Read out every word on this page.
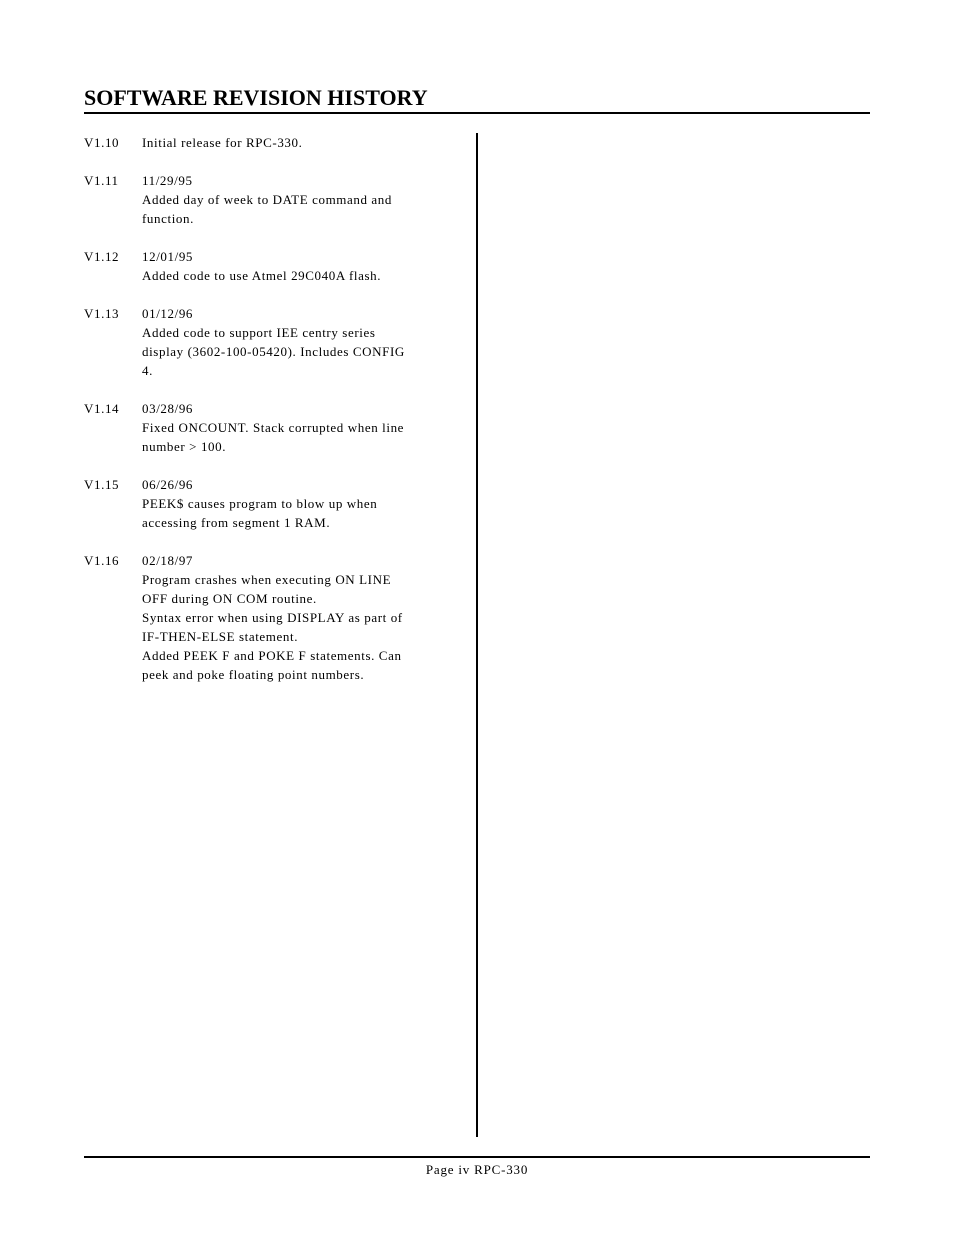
SOFTWARE REVISION HISTORY
V1.10	Initial release for RPC-330.
V1.11	11/29/95
Added day of week to DATE command and
function.
V1.12	12/01/95
Added code to use Atmel 29C040A flash.
V1.13	01/12/96
Added code to support IEE centry series
display (3602-100-05420). Includes CONFIG
4.
V1.14	03/28/96
Fixed ONCOUNT. Stack corrupted when line
number > 100.
V1.15	06/26/96
PEEK$ causes program to blow up when
accessing from segment 1 RAM.
V1.16	02/18/97
Program crashes when executing ON LINE
OFF during ON COM routine.
Syntax error when using DISPLAY as part of
IF-THEN-ELSE statement.
Added PEEK F and POKE F statements. Can
peek and poke floating point numbers.
Page iv RPC-330
